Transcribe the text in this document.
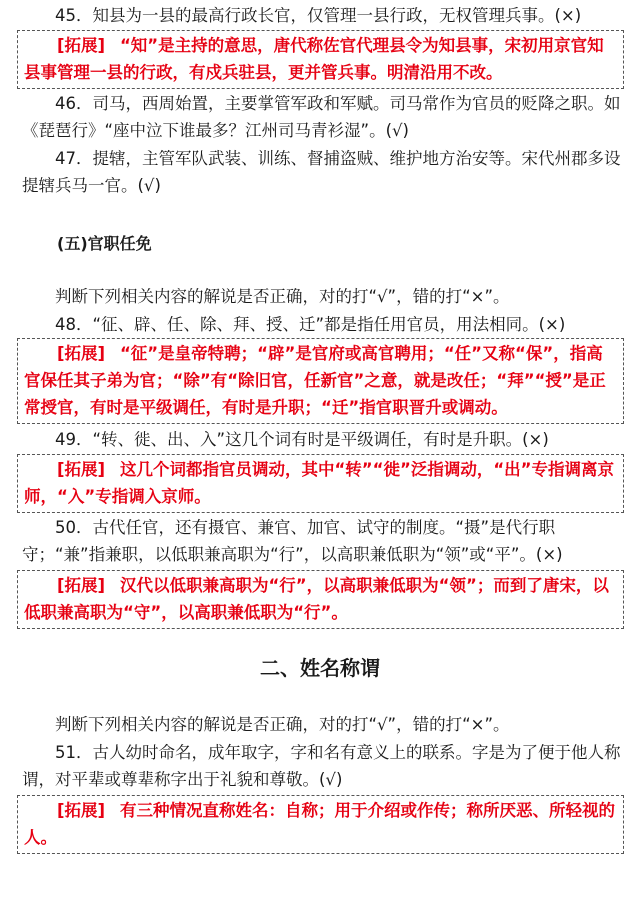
45．知县为一县的最高行政长官，仅管理一县行政，无权管理兵事。(×)

[拓展] “知”是主持的意思，唐代称佐官代理县令为知县事，宋初用京官知县事管理一县的行政，有戍兵驻县，更并管兵事。明清沿用不改。

46．司马，西周始置，主要掌管军政和军赋。司马常作为官员的贬降之职。如《琵琶行》“座中泣下谁最多？江州司马青衫湿”。(√)

47．提辖，主管军队武装、训练、督捕盗贼、维护地方治安等。宋代州郡多设提辖兵马一官。(√)

(五)官职任免

判断下列相关内容的解说是否正确，对的打“√”，错的打“×”。

48．“征、辟、任、除、拜、授、迁”都是指任用官员，用法相同。(×)

[拓展] “征”是皇帝特聘；“辟”是官府或高官聘用；“任”又称“保”，指高官保任其子弟为官；“除”有“除旧官，任新官”之意，就是改任；“拜”“授”是正常授官，有时是平级调任，有时是升职；“迁”指官职晋升或调动。

49．“转、徙、出、入”这几个词有时是平级调任，有时是升职。(×)

[拓展] 这几个词都指官员调动，其中“转”“徙”泛指调动，“出”专指调离京师，“入”专指调入京师。

50．古代任官，还有摄官、兼官、加官、试守的制度。“摄”是代行职守；“兼”指兼职，以低职兼高职为“行”，以高职兼低职为“领”或“平”。(×)

[拓展] 汉代以低职兼高职为“行”，以高职兼低职为“领”；而到了唐宋，以低职兼高职为“守”，以高职兼低职为“行”。
二、姓名称谓

判断下列相关内容的解说是否正确，对的打“√”，错的打“×”。

51．古人幼时命名，成年取字，字和名有意义上的联系。字是为了便于他人称谓，对平辈或尊辈称字出于礼貌和尊敬。(√)

[拓展] 有三种情况直称姓名：自称；用于介绍或作传；称所厌恶、所轻视的人。
